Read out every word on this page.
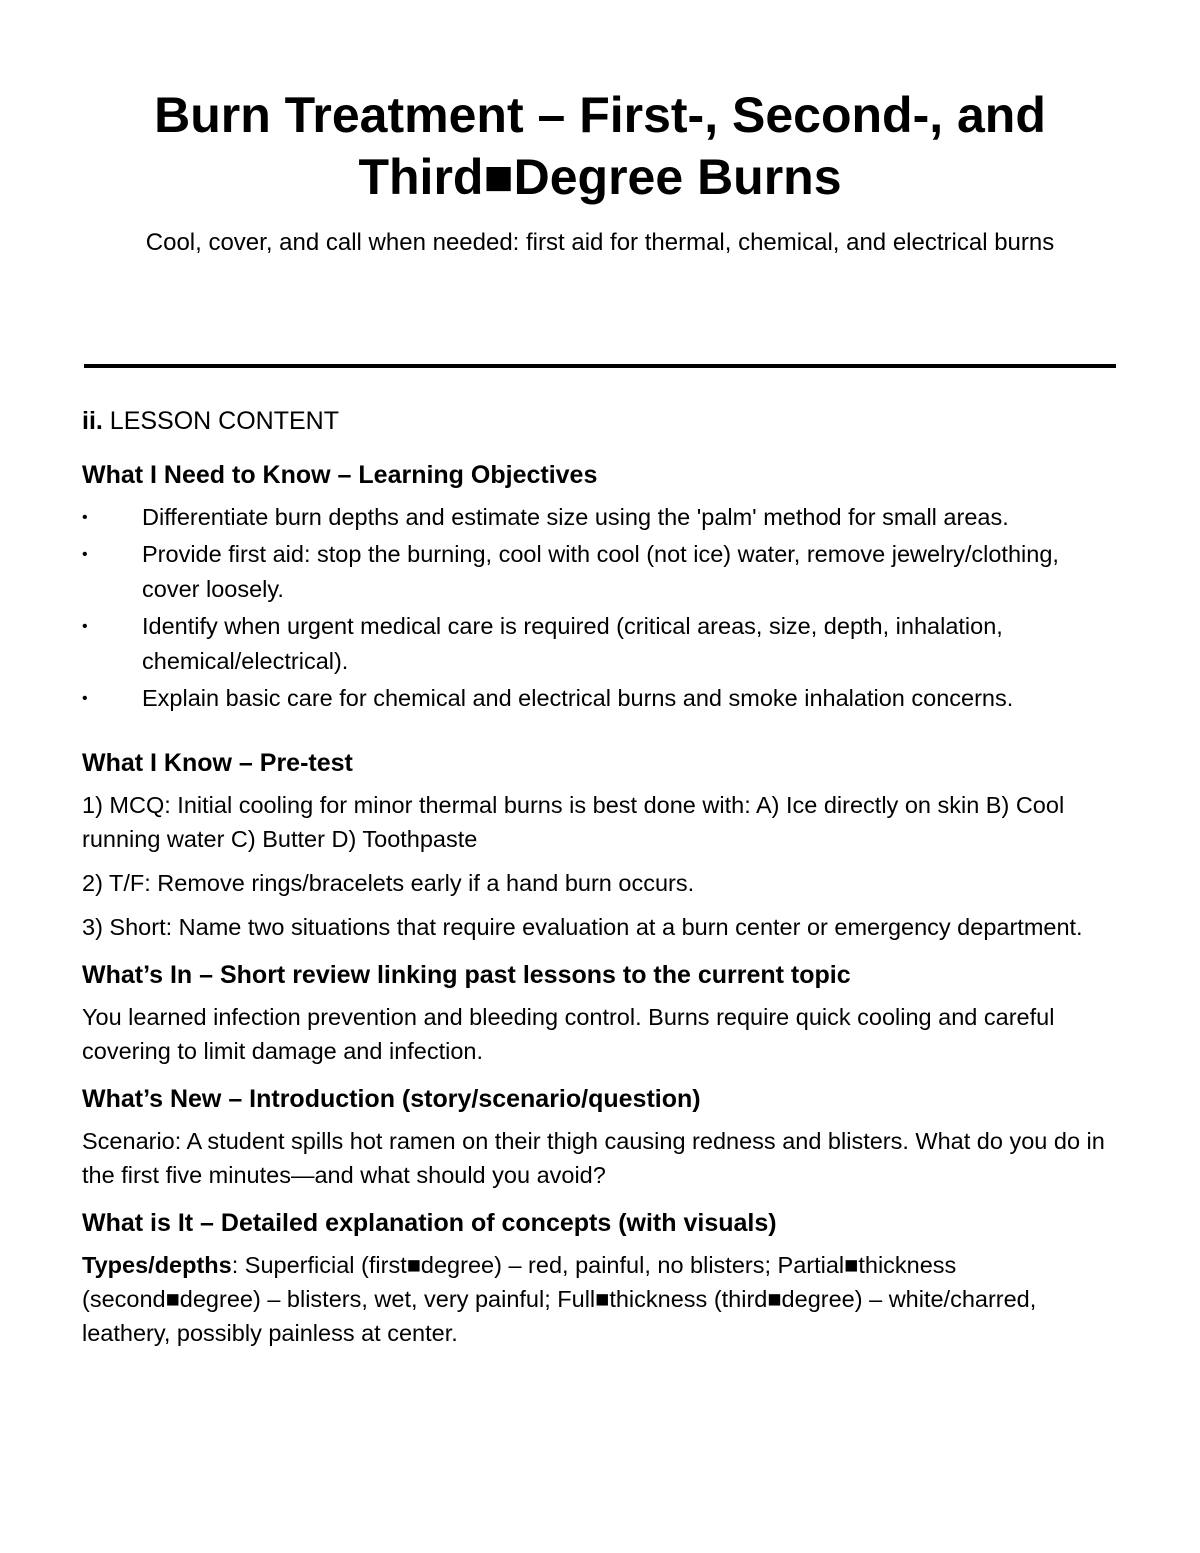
Burn Treatment – First-, Second-, and
Third■Degree Burns

Cool, cover, and call when needed: first aid for thermal, chemical, and electrical burns

ii. LESSON CONTENT
What I Need to Know – Learning Objectives
•	Differentiate burn depths and estimate size using the 'palm' method for small areas.
•	Provide first aid: stop the burning, cool with cool (not ice) water, remove jewelry/clothing, cover loosely.
•	Identify when urgent medical care is required (critical areas, size, depth, inhalation, chemical/electrical).
•	Explain basic care for chemical and electrical burns and smoke inhalation concerns.
What I Know – Pre-test

1) MCQ: Initial cooling for minor thermal burns is best done with: A) Ice directly on skin B) Cool running water C) Butter D) Toothpaste

2) T/F: Remove rings/bracelets early if a hand burn occurs.

3) Short: Name two situations that require evaluation at a burn center or emergency department.

What’s In – Short review linking past lessons to the current topic

You learned infection prevention and bleeding control. Burns require quick cooling and careful covering to limit damage and infection.

What’s New – Introduction (story/scenario/question)

Scenario: A student spills hot ramen on their thigh causing redness and blisters. What do you do in the first five minutes—and what should you avoid?

What is It – Detailed explanation of concepts (with visuals)

Types/depths: Superficial (first■degree) – red, painful, no blisters; Partial■thickness (second■degree) – blisters, wet, very painful; Full■thickness (third■degree) – white/charred, leathery, possibly painless at center.
